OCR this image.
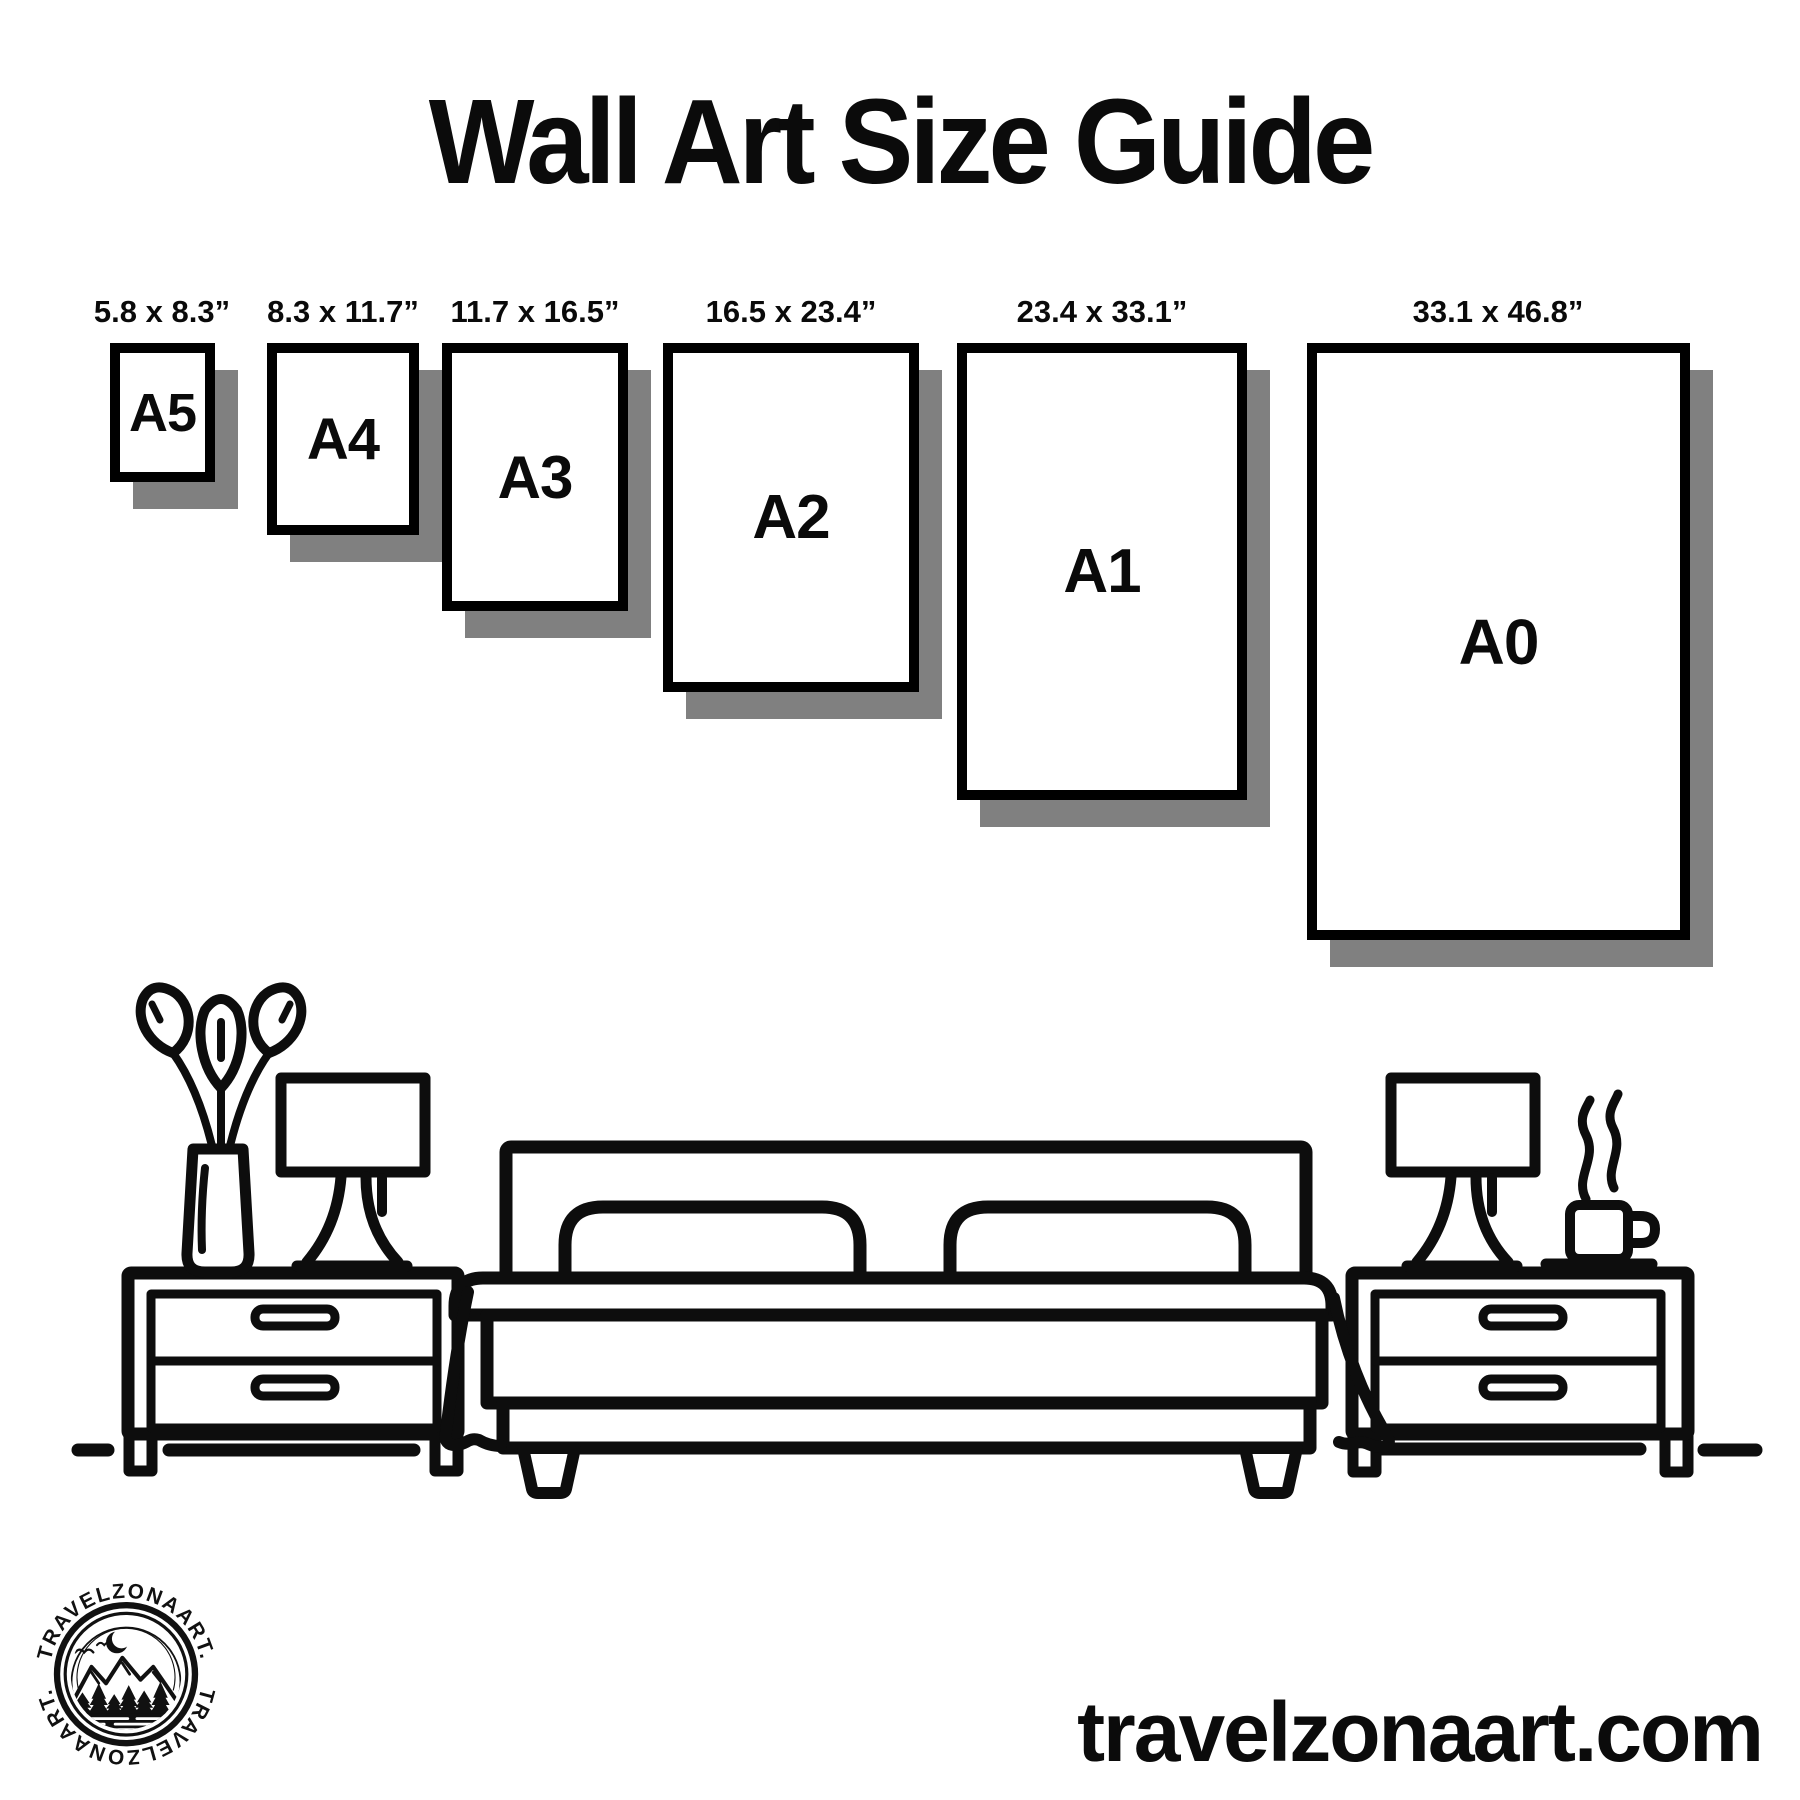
Wall Art Size Guide
5.8 x 8.3” 8.3 x 11.7” 11.7 x 16.5”	16.5 x 23.4”	23.4 x 33.1”	33.1 x 46.8”
A5 A4
A3
A2
A1
A0
TRAVELZONAART.
TRAVELZONAART.	travelzonaart.com
